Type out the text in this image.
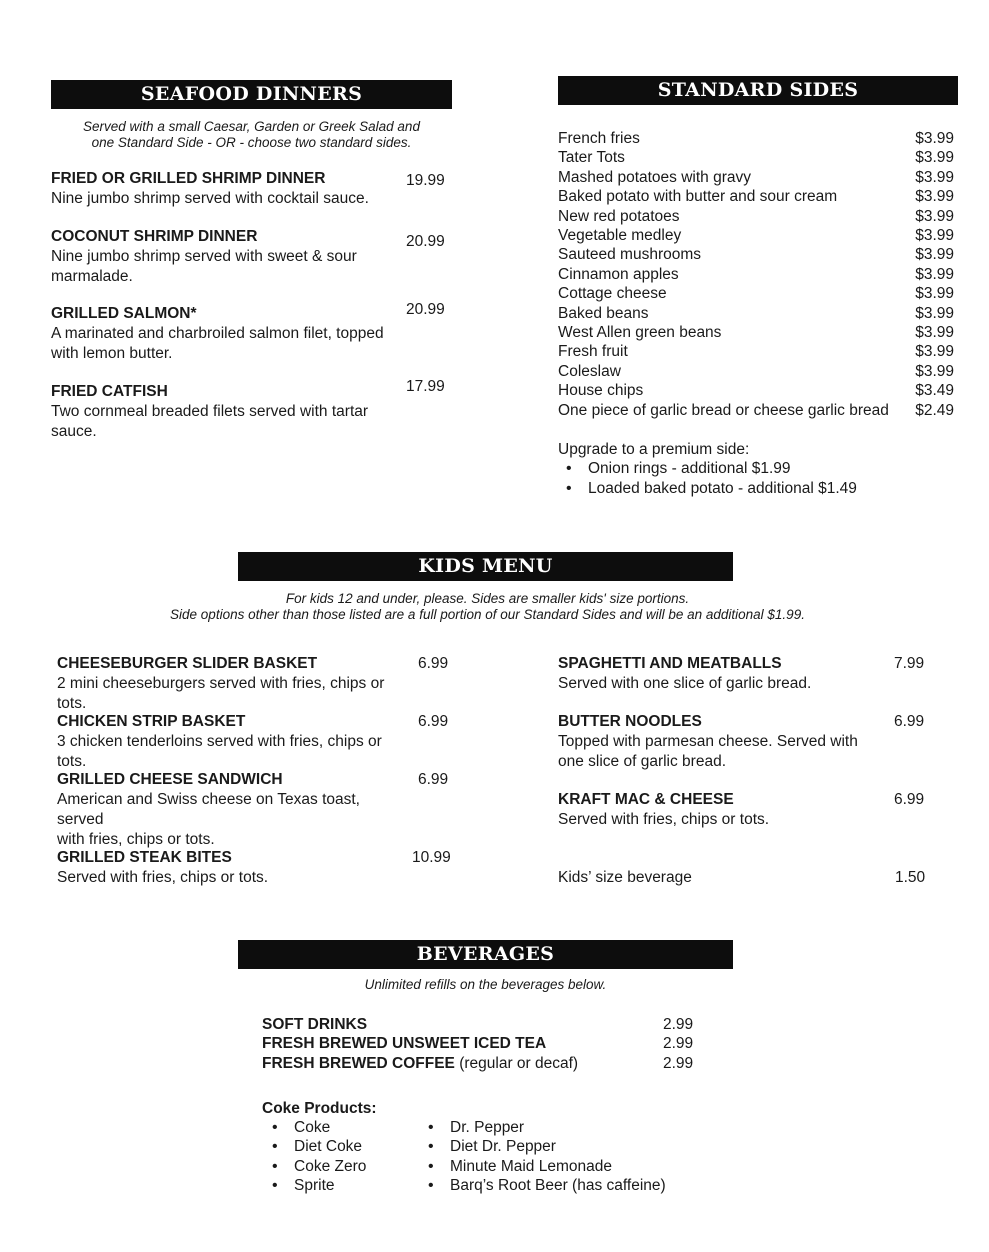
SEAFOOD DINNERS
Served with a small Caesar, Garden or Greek Salad and
one Standard Side - OR - choose two standard sides.
FRIED OR GRILLED SHRIMP DINNER
Nine jumbo shrimp served with cocktail sauce.
19.99
COCONUT SHRIMP DINNER
Nine jumbo shrimp served with sweet & sour
marmalade.
20.99
GRILLED SALMON*
A marinated and charbroiled salmon filet, topped
with lemon butter.
20.99
FRIED CATFISH
Two cornmeal breaded filets served with tartar
sauce.
17.99
STANDARD SIDES
French fries	$3.99
Tater Tots	$3.99
Mashed potatoes with gravy	$3.99
Baked potato with butter and sour cream	$3.99
New red potatoes	$3.99
Vegetable medley	$3.99
Sauteed mushrooms	$3.99
Cinnamon apples	$3.99
Cottage cheese	$3.99
Baked beans	$3.99
West Allen green beans	$3.99
Fresh fruit	$3.99
Coleslaw	$3.99
House chips	$3.49
One piece of garlic bread or cheese garlic bread $2.49
Upgrade to a premium side:
• Onion rings - additional $1.99
• Loaded baked potato - additional $1.49
KIDS MENU
For kids 12 and under, please. Sides are smaller kids' size portions.
Side options other than those listed are a full portion of our Standard Sides and will be an additional $1.99.
CHEESEBURGER SLIDER BASKET
2 mini cheeseburgers served with fries, chips or tots.
6.99
CHICKEN STRIP BASKET
3 chicken tenderloins served with fries, chips or tots.
6.99
GRILLED CHEESE SANDWICH
American and Swiss cheese on Texas toast, served
with fries, chips or tots.
6.99
GRILLED STEAK BITES
Served with fries, chips or tots.
10.99
SPAGHETTI AND MEATBALLS
Served with one slice of garlic bread.
7.99
BUTTER NOODLES
Topped with parmesan cheese. Served with
one slice of garlic bread.
6.99
KRAFT MAC & CHEESE
Served with fries, chips or tots.
6.99
Kids’ size beverage	1.50
BEVERAGES
Unlimited refills on the beverages below.
SOFT DRINKS	2.99
FRESH BREWED UNSWEET ICED TEA	2.99
FRESH BREWED COFFEE (regular or decaf)	2.99
Coke Products:
• Coke
• Diet Coke
• Coke Zero
• Sprite
• Dr. Pepper
• Diet Dr. Pepper
• Minute Maid Lemonade
• Barq’s Root Beer (has caffeine)
